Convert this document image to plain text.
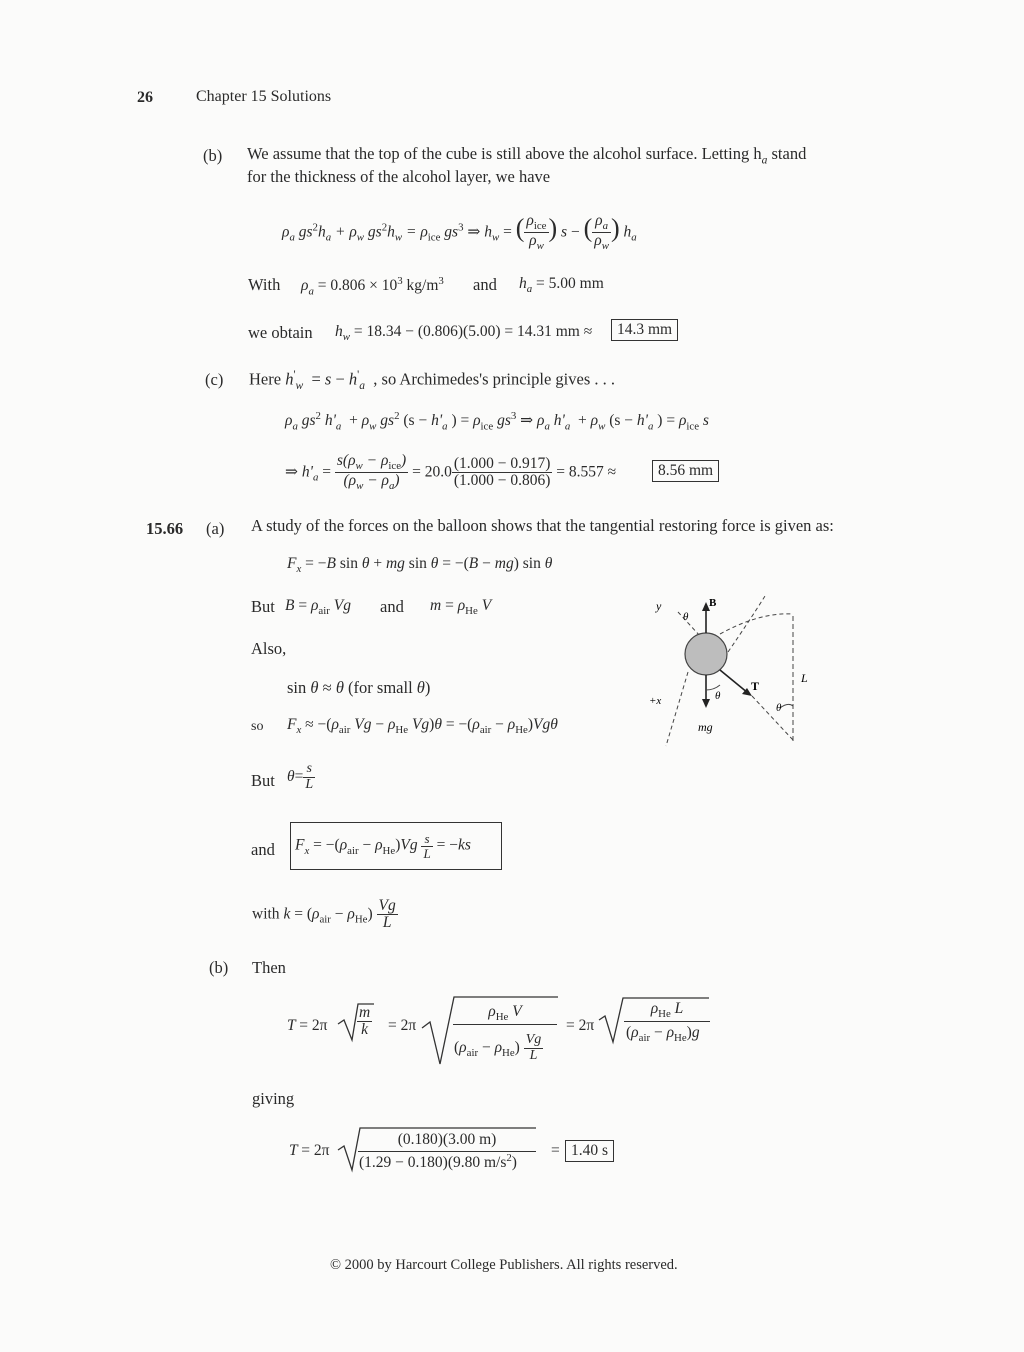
26	Chapter 15 Solutions
(b) We assume that the top of the cube is still above the alcohol surface. Letting $h_a$ stand
for the thickness of the alcohol layer, we have
$\rho_a$ $gs^2h_a + \rho_w$ $gs^2h_w = \rho_{ice}$ $gs^3$ ⇒ $h_w$ = ( $\frac{\rho_{ice}}{\rho_w}$ ) s − ( $\frac{\rho_a}{\rho_w}$ ) $h_a$
With $\rho_a = 0.806 \times 10^3$ $kg/m^3$ and $h_a = 5.00$ mm
we obtain $h_w = 18.34 - (0.806)(5.00) = 14.31$ mm ≈	14.3 mm
(c) Here $h'_w = s - h'_a$ , so Archimedes's principle gives . . .
$\rho_a$ $gs^2$ $h'_a + \rho_w$ $gs^2$ ($s - h'_a$ ) = $\rho_{ice}$ $gs^3$ ⇒ $\rho_a$ $h'_a + \rho_w$ ($s - h'_a$ ) = $\rho_{ice}$ s
⇒ $h'_a = \frac{s(\rho_w - \rho_{ice})}{(\rho_w - \rho_a)} = 20.0 \frac{(1.000 - 0.917)}{(1.000 - 0.806)} = 8.557$ ≈	8.56 mm
15.66 (a) A study of the forces on the balloon shows that the tangential restoring force is given as:
$F_x = -B$ sin θ + mg sin θ = −(B − mg) sin θ
But $B = \rho_{air}$ Vg and $m = \rho_{He}$ V
Also,
sin θ ≈ θ (for small θ)
so $F_x \approx -(\rho_{air}$ $Vg - \rho_{He}$ $Vg)\theta = -(\rho_{air} - \rho_{He})Vg\theta$
But $\theta= \frac{s}{L}$
and $F_x = -(\rho_{air} - \rho_{He})Vg \frac{s}{L} = -ks$
with $k = (\rho_{air} - \rho_{He}) \frac{Vg}{L}$
(b) Then
$T = 2\pi \frac{m}{k} = 2\pi$
$\rho_{He}$ V
$(\rho_{air} - \rho_{He}) \frac{Vg}{L}$
= 2π
$\rho_{He}$ L
$(\rho_{air} - \rho_{He})g$
giving
T = 2π
(0.180)(3.00 m)
(1.29 − 0.180)(9.80 $m/s^2$)
= 1.40 s
y
θ
B
+x	θ
T
mg
θ
L
© 2000 by Harcourt College Publishers. All rights reserved.
